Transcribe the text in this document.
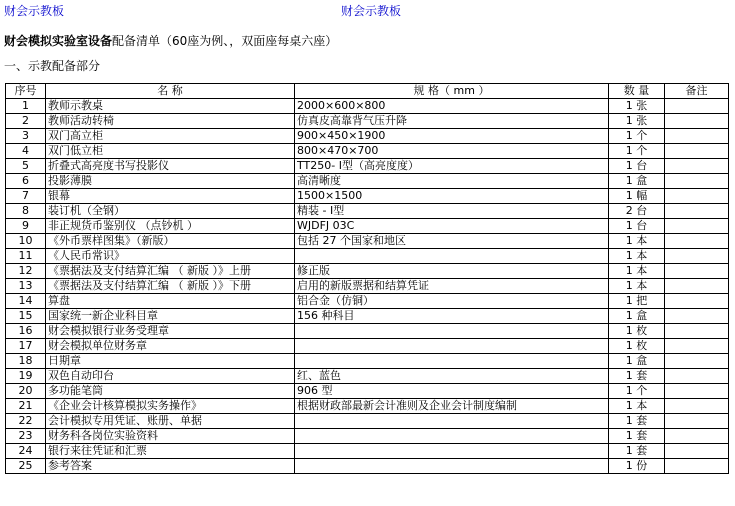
财会示教板	财会示教板
财会模拟实验室设备配备清单（60座为例、，双面座每桌六座）
一、示教配备部分
序号	名 称	规 格（ mm ）	数 量	备注
1	教师示教桌	2000×600×800	1 张	
2	教师活动转椅	仿真皮高靠背气压升降	1 张	
3	双门高立柜	900×450×1900	1 个	
4	双门低立柜	800×470×700	1 个	
5	折叠式高亮度书写投影仪	TT250- Ⅰ型（高亮度度）	1 台	
6	投影薄膜	高清晰度	1 盒	
7	银幕	1500×1500	1 幅	
8	装订机（全钢）	精装 - Ⅰ型	2 台	
9	非正规货币鉴别仪 （点钞机 ）	WJDFJ 03C	1 台	
10	《外币票样图集》（新版）	包括 27 个国家和地区	1 本	
11	《人民币常识》		1 本	
12	《票据法及支付结算汇编 （ 新版 ）》上册	修正版	1 本	
13	《票据法及支付结算汇编 （ 新版 ）》下册	启用的新版票据和结算凭证	1 本	
14	算盘	铝合金（仿铜）	1 把	
15	国家统一新企业科目章	156 种科目	1 盒	
16	财会模拟银行业务受理章		1 枚	
17	财会模拟单位财务章		1 枚	
18	日期章		1 盒	
19	双色自动印台	红、蓝色	1 套	
20	多功能笔筒	906 型	1 个	
21	《企业会计核算模拟实务操作》	根据财政部最新会计准则及企业会计制度编制	1 本	
22	会计模拟专用凭证、账册、单据		1 套	
23	财务科各岗位实验资料		1 套	
24	银行来往凭证和汇票		1 套	
25	参考答案		1 份	
